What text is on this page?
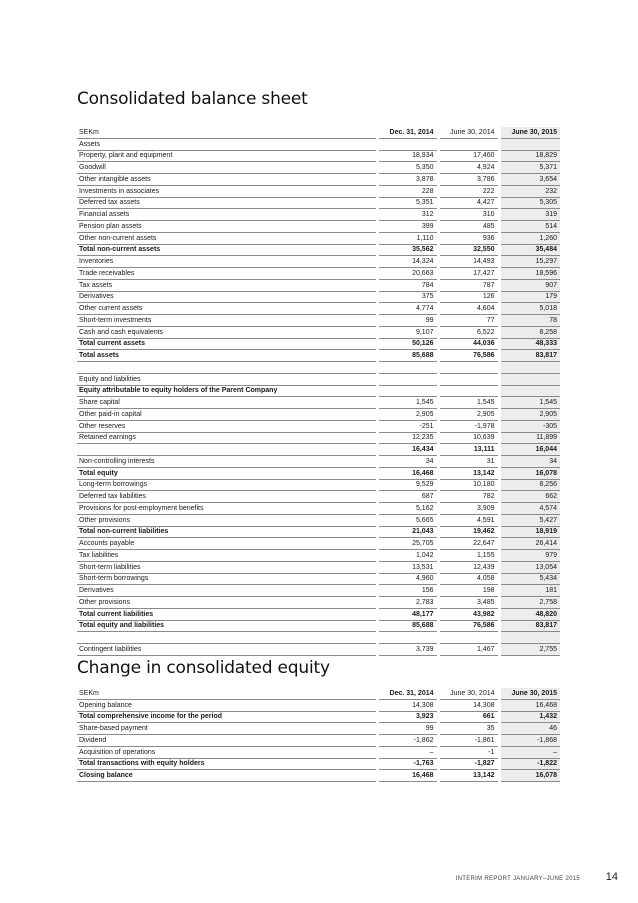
Consolidated balance sheet
SEKm	Dec. 31, 2014	June 30, 2014	June 30, 2015
Assets			
Property, plant and equipment	18,934	17,460	18,829
Goodwill	5,350	4,924	5,371
Other intangible assets	3,878	3,786	3,654
Investments in associates	228	222	232
Deferred tax assets	5,351	4,427	5,305
Financial assets	312	310	319
Pension plan assets	399	485	514
Other non-current assets	1,110	936	1,260
Total non-current assets	35,562	32,550	35,484
Inventories	14,324	14,493	15,297
Trade receivables	20,663	17,427	18,596
Tax assets	784	787	907
Derivatives	375	126	179
Other current assets	4,774	4,604	5,018
Short-term investments	99	77	78
Cash and cash equivalents	9,107	6,522	8,258
Total current assets	50,126	44,036	48,333
Total assets	85,688	76,586	83,817

Equity and liabilities			
Equity attributable to equity holders of the Parent Company			
Share capital	1,545	1,545	1,545
Other paid-in capital	2,905	2,905	2,905
Other reserves	-251	-1,978	-305
Retained earnings	12,235	10,639	11,899
	16,434	13,111	16,044
Non-controlling interests	34	31	34
Total equity	16,468	13,142	16,078
Long-term borrowings	9,529	10,180	8,256
Deferred tax liabilities	687	782	662
Provisions for post-employment benefits	5,162	3,909	4,574
Other provisions	5,665	4,591	5,427
Total non-current liabilities	21,043	19,462	18,919
Accounts payable	25,705	22,647	26,414
Tax liabilities	1,042	1,155	979
Short-term liabilities	13,531	12,439	13,054
Short-term borrowings	4,960	4,058	5,434
Derivatives	156	198	181
Other provisions	2,783	3,485	2,758
Total current liabilities	48,177	43,982	48,820
Total equity and liabilities	85,688	76,586	83,817

Contingent liabilities	3,739	1,467	2,755
Change in consolidated equity
SEKm	Dec. 31, 2014	June 30, 2014	June 30, 2015
Opening balance	14,308	14,308	16,468
Total comprehensive income for the period	3,923	661	1,432
Share-based payment	99	35	46
Dividend	-1,862	-1,861	-1,868
Acquisition of operations	–	-1	–
Total transactions with equity holders	-1,763	-1,827	-1,822
Closing balance	16,468	13,142	16,078
INTERIM REPORT JANUARY–JUNE 2015 14
